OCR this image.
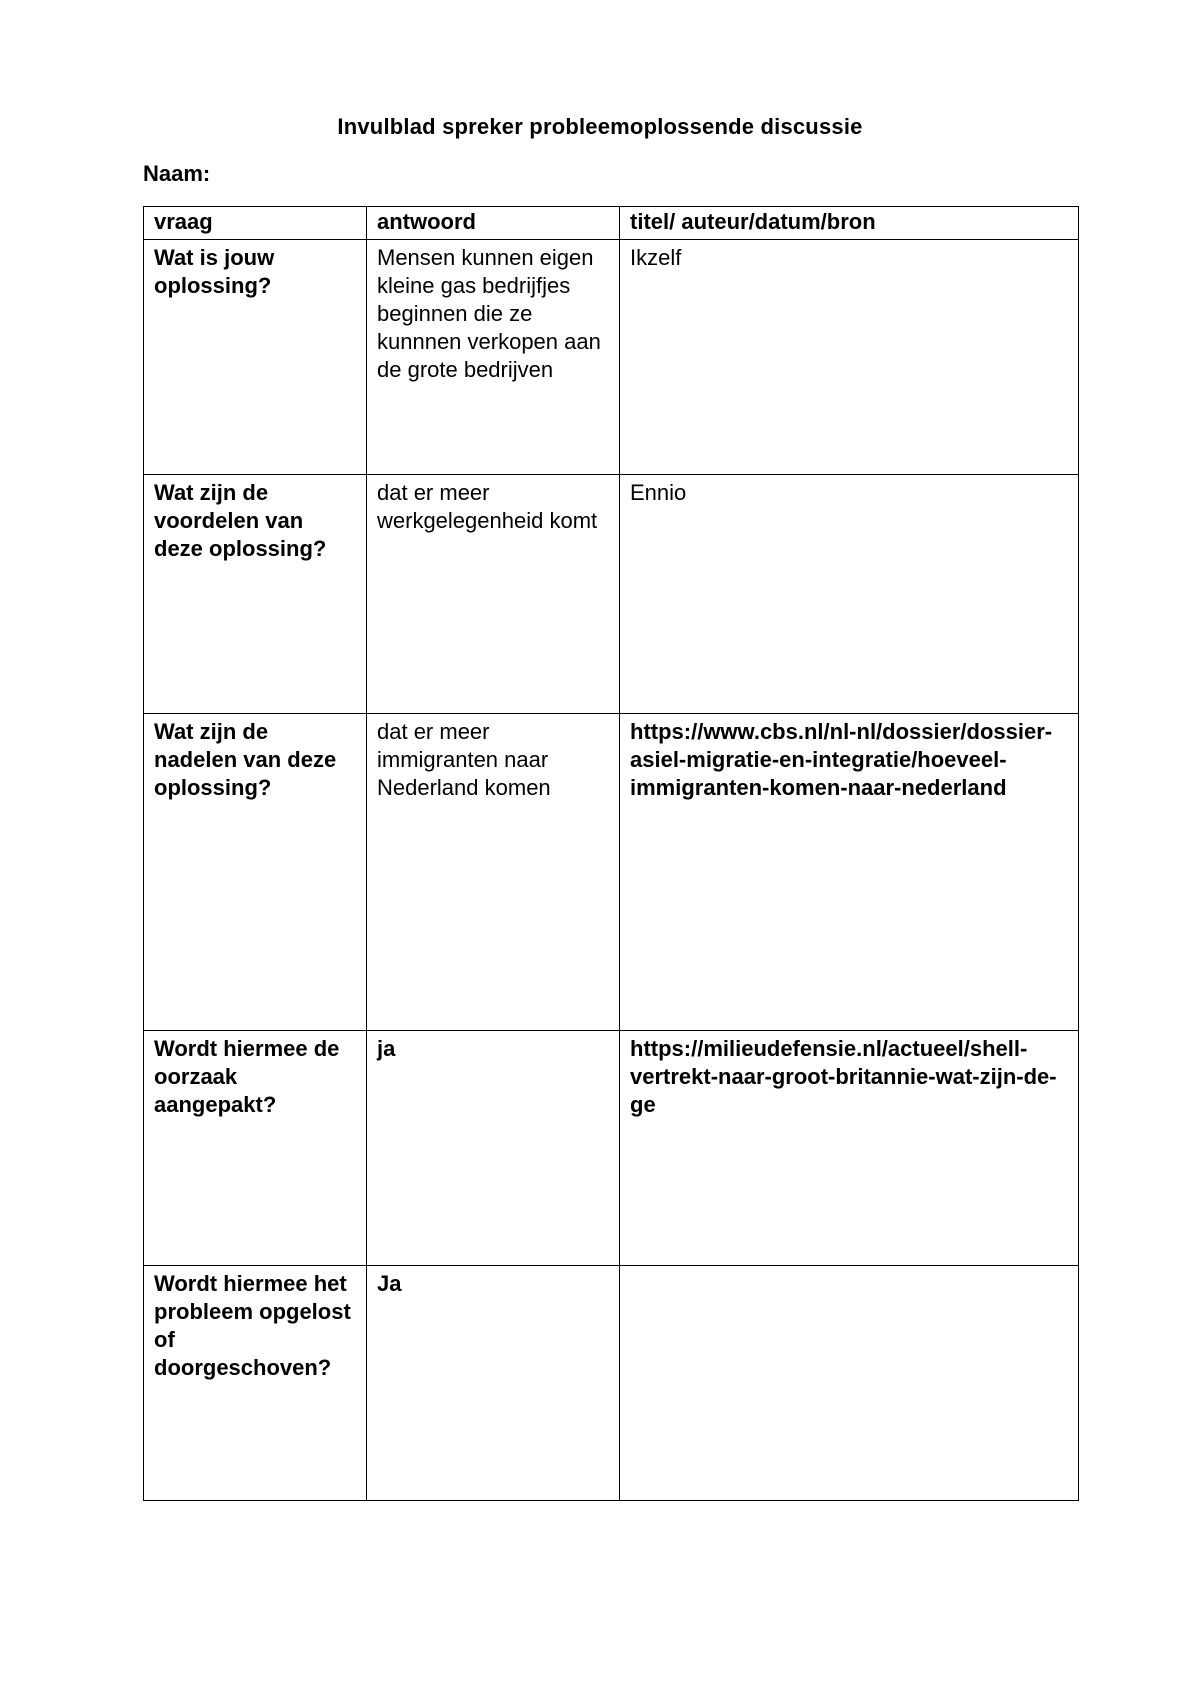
Invulblad spreker probleemoplossende discussie
Naam:
vraag	antwoord	titel/ auteur/datum/bron
Wat is jouw oplossing?	Mensen kunnen eigen kleine gas bedrijfjes beginnen die ze kunnnen verkopen aan de grote bedrijven	Ikzelf
Wat zijn de voordelen van deze oplossing?	dat er meer werkgelegenheid komt	Ennio
Wat zijn de nadelen van deze oplossing?	dat er meer immigranten naar Nederland komen	https://www.cbs.nl/nl-nl/dossier/dossier-asiel-migratie-en-integratie/hoeveel-immigranten-komen-naar-nederland
Wordt hiermee de oorzaak aangepakt?	ja	https://milieudefensie.nl/actueel/shell-vertrekt-naar-groot-britannie-wat-zijn-de-ge
Wordt hiermee het probleem opgelost of doorgeschoven?	Ja	
